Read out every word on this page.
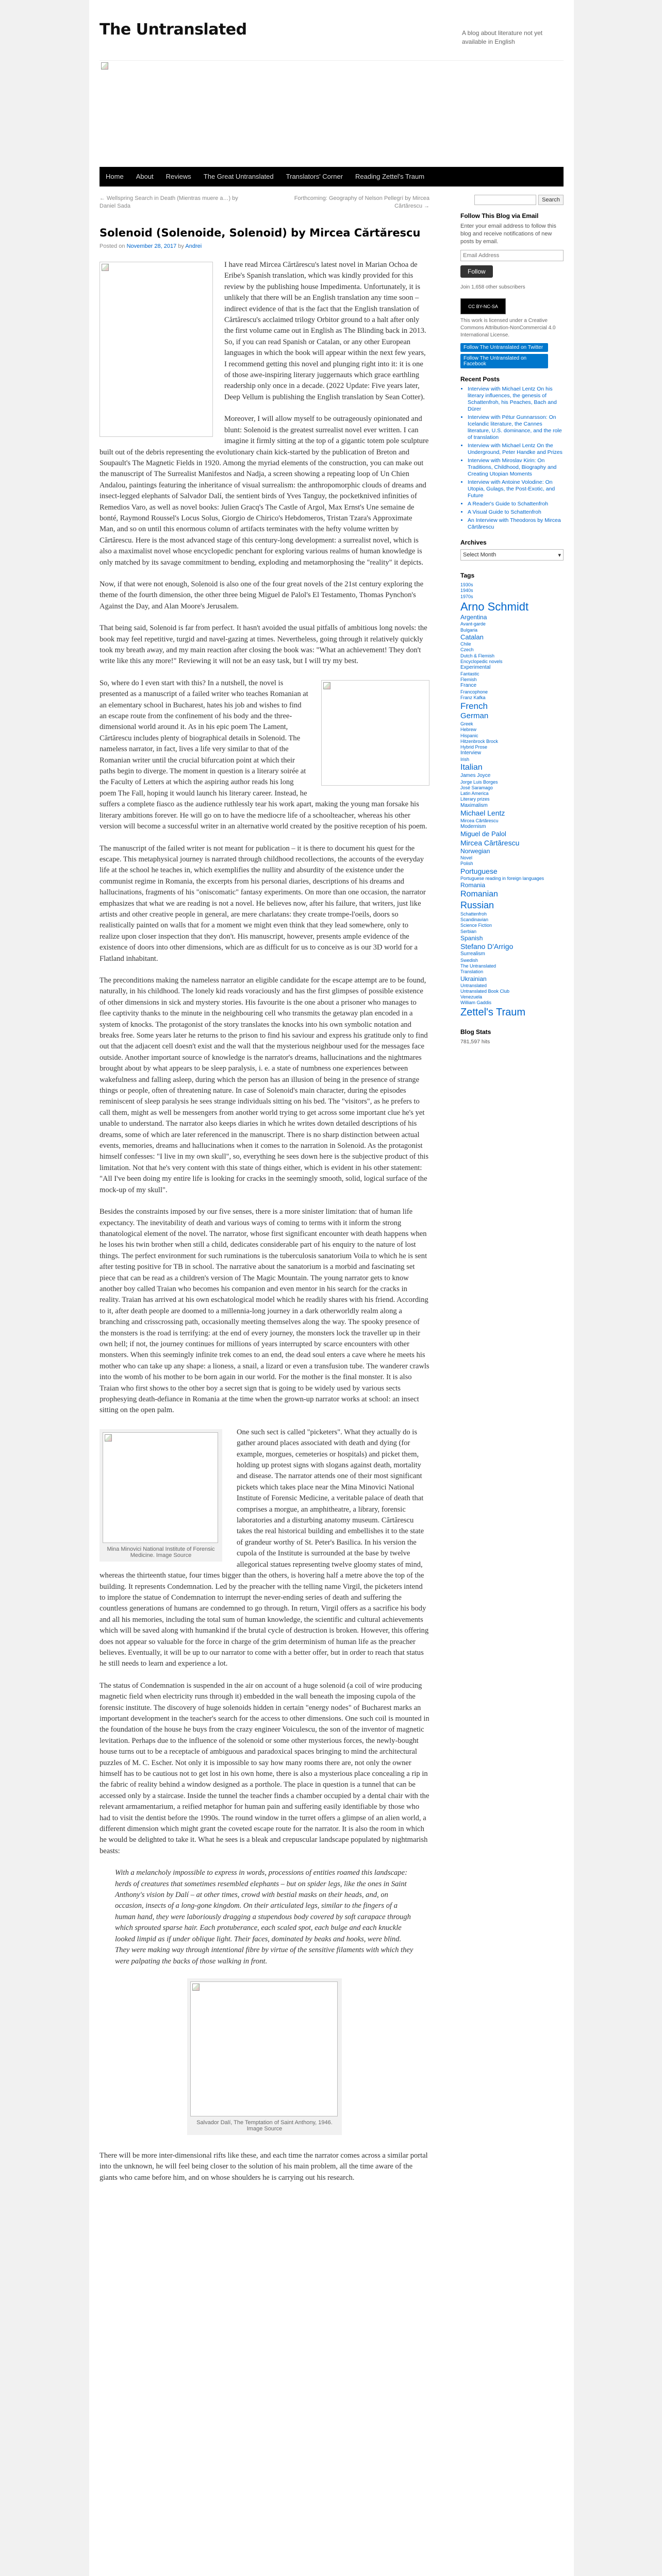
The Untranslated	A blog about literature not yet available in English
Home	About	Reviews	The Great Untranslated	Translators' Corner	Reading Zettel's Traum
← Wellspring Search in Death (Mientras muere a…) by Daniel Sada
Forthcoming: Geography of Nelson Pellegrí by Mircea Cărtărescu →
Solenoid (Solenoide, Solenoid) by Mircea Cărtărescu
Posted on November 28, 2017 by Andrei

I have read Mircea Cărtărescu's latest novel in Marian Ochoa de Eribe's Spanish translation, which was kindly provided for this review by the publishing house Impedimenta. Unfortunately, it is unlikely that there will be an English translation any time soon – indirect evidence of that is the fact that the English translation of Cărtărescu's acclaimed trilogy Orbitor ground to a halt after only the first volume came out in English as The Blinding back in 2013. So, if you can read Spanish or Catalan, or any other European languages in which the book will appear within the next few years, I recommend getting this novel and plunging right into it: it is one of those awe-inspiring literary juggernauts which grace earthling readership only once in a decade. (2022 Update: Five years later, Deep Vellum is publishing the English translation by Sean Cotter).

Moreover, I will allow myself to be outrageously opinionated and blunt: Solenoid is the greatest surrealist novel ever written. I can imagine it firmly sitting at the top of a gigantic totem pole sculpture built out of the debris representing the evolutionary chain kick-started by the publication of Breton and Soupault's The Magnetic Fields in 1920. Among the myriad elements of the construction, you can make out the manuscript of The Surrealist Manifestos and Nadja, a screen showing a repeating loop of Un Chien Andalou, paintings featuring the inheritance of visual surrealism: the anthropomorphic clouds of dreams and insect-legged elephants of Salvador Dalí, the sentient birds of Yves Tanguy, the pocketknived infinities of Remedios Varo, as well as novel books: Julien Gracq's The Castle of Argol, Max Ernst's Une semaine de bonté, Raymond Roussel's Locus Solus, Giorgio de Chirico's Hebdomeros, Tristan Tzara's Approximate Man, and so on until this enormous column of artifacts terminates with the hefty volume written by Cărtărescu. Here is the most advanced stage of this century-long development: a surrealist novel, which is also a maximalist novel whose encyclopedic penchant for exploring various realms of human knowledge is only matched by its savage commitment to bending, exploding and metamorphosing the "reality" it depicts.

Now, if that were not enough, Solenoid is also one of the four great novels of the 21st century exploring the theme of the fourth dimension, the other three being Miguel de Palol's El Testamento, Thomas Pynchon's Against the Day, and Alan Moore's Jerusalem.

That being said, Solenoid is far from perfect. It hasn't avoided the usual pitfalls of ambitious long novels: the book may feel repetitive, turgid and navel-gazing at times. Nevertheless, going through it relatively quickly took my breath away, and my main reaction after closing the book was: "What an achievement! They don't write like this any more!" Reviewing it will not be an easy task, but I will try my best.

So, where do I even start with this? In a nutshell, the novel is presented as a manuscript of a failed writer who teaches Romanian at an elementary school in Bucharest, hates his job and wishes to find an escape route from the confinement of his body and the three-dimensional world around it. As in his epic poem The Lament, Cărtărescu includes plenty of biographical details in Solenoid. The nameless narrator, in fact, lives a life very similar to that of the Romanian writer until the crucial bifurcation point at which their paths begin to diverge. The moment in question is a literary soirée at the Faculty of Letters at which the aspiring author reads his long poem The Fall, hoping it would launch his literary career. Instead, he suffers a complete fiasco as the audience ruthlessly tear his work apart, making the young man forsake his literary ambitions forever. He will go on to have the mediocre life of a schoolteacher, whereas his other version will become a successful writer in an alternative world created by the positive reception of his poem.

The manuscript of the failed writer is not meant for publication – it is there to document his quest for the escape. This metaphysical journey is narrated through childhood recollections, the accounts of the everyday life at the school he teaches in, which exemplifies the nullity and absurdity of the existence under the communist regime in Romania, the excerpts from his personal diaries, descriptions of his dreams and hallucinations, fragments of his "oniscomatic" fantasy experiments. On more than one occasion, the narrator emphasizes that what we are reading is not a novel. He believes now, after his failure, that writers, just like artists and other creative people in general, are mere charlatans: they create trompe-l'oeils, doors so realistically painted on walls that for a moment we might even think that they lead somewhere, only to realize upon closer inspection that they don't. His manuscript, however, presents ample evidence of the existence of doors into other dimensions, which are as difficult for us to conceive as is our 3D world for a Flatland inhabitant.

The preconditions making the nameless narrator an eligible candidate for the escape attempt are to be found, naturally, in his childhood. The lonely kid reads voraciously and has the first glimpses of possible existence of other dimensions in sick and mystery stories. His favourite is the one about a prisoner who manages to flee captivity thanks to the minute in the neighbouring cell who transmits the getaway plan encoded in a system of knocks. The protagonist of the story translates the knocks into his own symbolic notation and breaks free. Some years later he returns to the prison to find his saviour and express his gratitude only to find out that the adjacent cell doesn't exist and the wall that the mysterious neighbour used for the messages face outside. Another important source of knowledge is the narrator's dreams, hallucinations and the nightmares brought about by what appears to be sleep paralysis, i. e. a state of numbness one experiences between wakefulness and falling asleep, during which the person has an illusion of being in the presence of strange things or people, often of threatening nature. In case of Solenoid's main character, during the episodes reminiscent of sleep paralysis he sees strange individuals sitting on his bed. The "visitors", as he prefers to call them, might as well be messengers from another world trying to get across some important clue he's yet unable to understand. The narrator also keeps diaries in which he writes down detailed descriptions of his dreams, some of which are later referenced in the manuscript. There is no sharp distinction between actual events, memories, dreams and hallucinations when it comes to the narration in Solenoid. As the protagonist himself confesses: "I live in my own skull", so, everything he sees down here is the subjective product of this limitation. Not that he's very content with this state of things either, which is evident in his other statement: "All I've been doing my entire life is looking for cracks in the seemingly smooth, solid, logical surface of the mock-up of my skull".

Besides the constraints imposed by our five senses, there is a more sinister limitation: that of human life expectancy. The inevitability of death and various ways of coming to terms with it inform the strong thanatological element of the novel. The narrator, whose first significant encounter with death happens when he loses his twin brother when still a child, dedicates considerable part of his enquiry to the nature of lost things. The perfect environment for such ruminations is the tuberculosis sanatorium Voila to which he is sent after testing positive for TB in school. The narrative about the sanatorium is a morbid and fascinating set piece that can be read as a children's version of The Magic Mountain. The young narrator gets to know another boy called Traian who becomes his companion and even mentor in his search for the cracks in reality. Traian has arrived at his own eschatological model which he readily shares with his friend. According to it, after death people are doomed to a millennia-long journey in a dark otherworldly realm along a branching and crisscrossing path, occasionally meeting themselves along the way. The spooky presence of the monsters is the road is terrifying: at the end of every journey, the monsters lock the traveller up in their own hell; if not, the journey continues for millions of years interrupted by scarce encounters with other monsters. When this seemingly infinite trek comes to an end, the dead soul enters a cave where he meets his mother who can take up any shape: a lioness, a snail, a lizard or even a transfusion tube. The wanderer crawls into the womb of his mother to be born again in our world. For the mother is the final monster. It is also Traian who first shows to the other boy a secret sign that is going to be widely used by various sects prophesying death-defiance in Romania at the time when the grown-up narrator works at school: an insect sitting on the open palm.

Mina Minovici National Institute of Forensic Medicine. Image Source

One such sect is called "picketers". What they actually do is gather around places associated with death and dying (for example, morgues, cemeteries or hospitals) and picket them, holding up protest signs with slogans against death, mortality and disease. The narrator attends one of their most significant pickets which takes place near the Mina Minovici National Institute of Forensic Medicine, a veritable palace of death that comprises a morgue, an amphitheatre, a library, forensic laboratories and a disturbing anatomy museum. Cărtărescu takes the real historical building and embellishes it to the state of grandeur worthy of St. Peter's Basilica. In his version the cupola of the Institute is surrounded at the base by twelve allegorical statues representing twelve gloomy states of mind, whereas the thirteenth statue, four times bigger than the others, is hovering half a metre above the top of the building. It represents Condemnation. Led by the preacher with the telling name Virgil, the picketers intend to implore the statue of Condemnation to interrupt the never-ending series of death and suffering the countless generations of humans are condemned to go through. In return, Virgil offers as a sacrifice his body and all his memories, including the total sum of human knowledge, the scientific and cultural achievements which will be saved along with humankind if the brutal cycle of destruction is broken. However, this offering does not appear so valuable for the force in charge of the grim determinism of human life as the preacher believes. Eventually, it will be up to our narrator to come with a better offer, but in order to reach that status he still needs to learn and experience a lot.

The status of Condemnation is suspended in the air on account of a huge solenoid (a coil of wire producing magnetic field when electricity runs through it) embedded in the wall beneath the imposing cupola of the forensic institute. The discovery of huge solenoids hidden in certain "energy nodes" of Bucharest marks an important development in the teacher's search for the access to other dimensions. One such coil is mounted in the foundation of the house he buys from the crazy engineer Voiculescu, the son of the inventor of magnetic levitation. Perhaps due to the influence of the solenoid or some other mysterious forces, the newly-bought house turns out to be a receptacle of ambiguous and paradoxical spaces bringing to mind the architectural puzzles of M. C. Escher. Not only it is impossible to say how many rooms there are, not only the owner himself has to be cautious not to get lost in his own home, there is also a mysterious place concealing a rip in the fabric of reality behind a window designed as a porthole. The place in question is a tunnel that can be accessed only by a staircase. Inside the tunnel the teacher finds a chamber occupied by a dental chair with the relevant armamentarium, a reified metaphor for human pain and suffering easily identifiable by those who had to visit the dentist before the 1990s. The round window in the turret offers a glimpse of an alien world, a different dimension which might grant the coveted escape route for the narrator. It is also the room in which he would be delighted to take it. What he sees is a bleak and crepuscular landscape populated by nightmarish beasts:

With a melancholy impossible to express in words, processions of entities roamed this landscape: herds of creatures that sometimes resembled elephants – but on spider legs, like the ones in Saint Anthony's vision by Dalí – at other times, crowd with bestial masks on their heads, and, on occasion, insects of a long-gone kingdom. On their articulated legs, similar to the fingers of a human hand, they were laboriously dragging a stupendous body covered by soft carapace through which sprouted sparse hair. Each protuberance, each scaled spot, each bulge and each knuckle looked limpid as if under oblique light. Their faces, dominated by beaks and hooks, were blind. They were making way through intentional fibre by virtue of the sensitive filaments with which they were palpating the backs of those walking in front.
Salvador Dalí, The Temptation of Saint Anthony, 1946. Image Source

There will be more inter-dimensional rifts like these, and each time the narrator comes across a similar portal into the unknown, he will feel being closer to the solution of his main problem, all the time aware of the giants who came before him, and on whose shoulders he is carrying out his research.

Search
Follow This Blog via Email
Enter your email address to follow this blog and receive notifications of new posts by email.
Email Address
Follow
Join 1,658 other subscribers
CC BY-NC-SA
This work is licensed under a Creative Commons Attribution-NonCommercial 4.0 International License.
Follow The Untranslated on Twitter
Follow The Untranslated on Facebook
Recent Posts
• Interview with Michael Lentz On his literary influences, the genesis of Schattenfroh, his Peaches, Bach and Dürer
• Interview with Pétur Gunnarsson: On Icelandic literature, the Cannes literature, U.S. dominance, and the role of translation
• Interview with Michael Lentz On the Underground, Peter Handke and Prizes
• Interview with Miroslav Kirin: On Traditions, Childhood, Biography and Creating Utopian Moments
• Interview with Antoine Volodine: On Utopia, Gulags, the Post-Exotic, and Future
• A Reader's Guide to Schattenfroh
• A Visual Guide to Schattenfroh
• An Interview with Theodoros by Mircea Cărtărescu
Archives
Select Month	▾
Tags
1930s
1940s
1970s
Arno Schmidt
Argentina
Avant-garde
Bulgaria
Catalan
Chile
Czech
Dutch & Flemish
Encyclopedic novels
Experimental
Fantastic
Flemish
France
Francophone
Franz Kafka
French
German
Greek
Hebrew
Hispanic
Hitzenbrock Brock
Hybrid Prose
Interview
Irish
Italian
James Joyce
Jorge Luis Borges
José Saramago
Latin America
Literary prizes
Maximalism
Michael Lentz
Mircea Cărtărescu
Modernism
Miguel de Palol
Mircea Cărtărescu
Norwegian
Novel
Polish
Portuguese
Portuguese reading in foreign languages
Romania
Romanian
Russian
Schattenfroh
Scandinavian
Science Fiction
Serbian
Spanish
Stefano D'Arrigo
Surrealism
Swedish
The Untranslated
Translation
Ukrainian
Untranslated
Untranslated Book Club
Venezuela
William Gaddis
Zettel's Traum
Blog Stats
781,597 hits
